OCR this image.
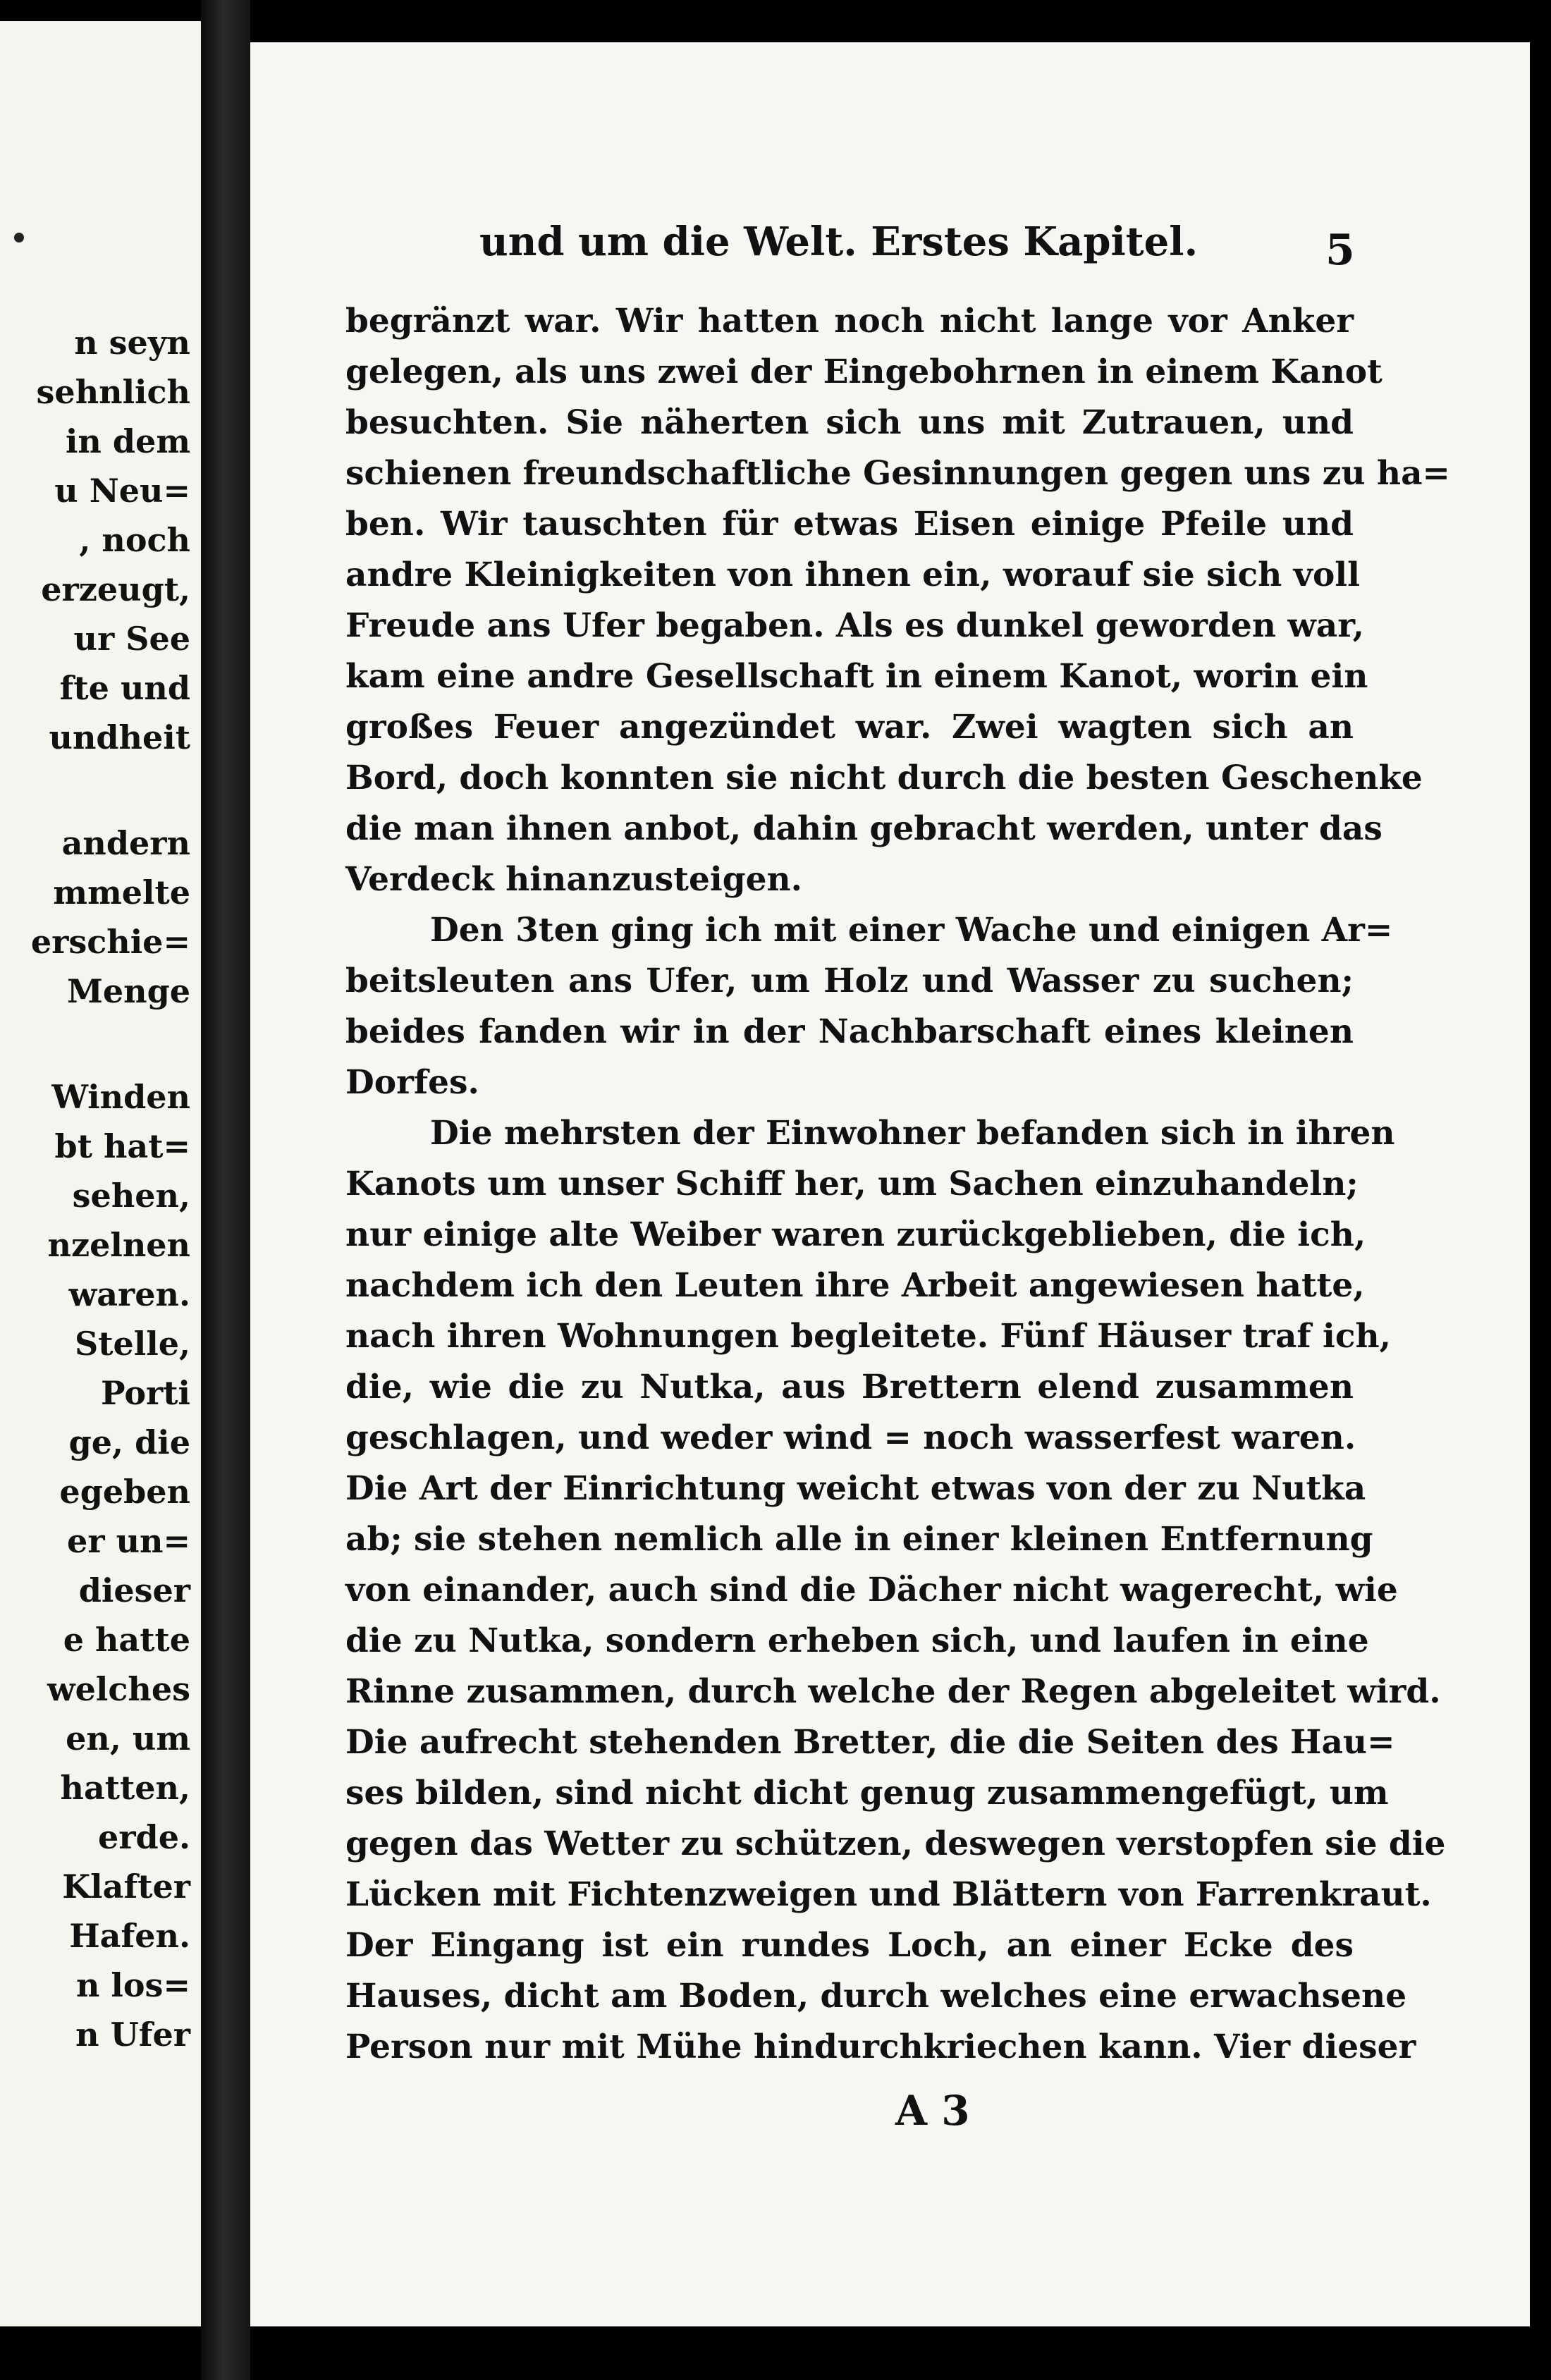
n seyn
sehnlich
in dem
u Neu=
, noch
erzeugt,
ur See
fte und
undheit
andern
mmelte
erschie=
Menge
Winden
bt hat=
sehen,
nzelnen
waren.
Stelle,
Porti
ge, die
egeben
er un=
dieser
e hatte
welches
en, um
hatten,
erde.
Klafter
Hafen.
n los=
n Ufer
und um die Welt. Erstes Kapitel.	5
begränzt war. Wir hatten noch nicht lange vor Anker
gelegen, als uns zwei der Eingebohrnen in einem Kanot
besuchten. Sie näherten sich uns mit Zutrauen, und
schienen freundschaftliche Gesinnungen gegen uns zu ha=
ben. Wir tauschten für etwas Eisen einige Pfeile und
andre Kleinigkeiten von ihnen ein, worauf sie sich voll
Freude ans Ufer begaben. Als es dunkel geworden war,
kam eine andre Gesellschaft in einem Kanot, worin ein
großes Feuer angezündet war. Zwei wagten sich an
Bord, doch konnten sie nicht durch die besten Geschenke
die man ihnen anbot, dahin gebracht werden, unter das
Verdeck hinanzusteigen.
Den 3ten ging ich mit einer Wache und einigen Ar=
beitsleuten ans Ufer, um Holz und Wasser zu suchen;
beides fanden wir in der Nachbarschaft eines kleinen
Dorfes.
Die mehrsten der Einwohner befanden sich in ihren
Kanots um unser Schiff her, um Sachen einzuhandeln;
nur einige alte Weiber waren zurückgeblieben, die ich,
nachdem ich den Leuten ihre Arbeit angewiesen hatte,
nach ihren Wohnungen begleitete. Fünf Häuser traf ich,
die, wie die zu Nutka, aus Brettern elend zusammen
geschlagen, und weder wind = noch wasserfest waren.
Die Art der Einrichtung weicht etwas von der zu Nutka
ab; sie stehen nemlich alle in einer kleinen Entfernung
von einander, auch sind die Dächer nicht wagerecht, wie
die zu Nutka, sondern erheben sich, und laufen in eine
Rinne zusammen, durch welche der Regen abgeleitet wird.
Die aufrecht stehenden Bretter, die die Seiten des Hau=
ses bilden, sind nicht dicht genug zusammengefügt, um
gegen das Wetter zu schützen, deswegen verstopfen sie die
Lücken mit Fichtenzweigen und Blättern von Farrenkraut.
Der Eingang ist ein rundes Loch, an einer Ecke des
Hauses, dicht am Boden, durch welches eine erwachsene
Person nur mit Mühe hindurchkriechen kann. Vier dieser
A 3
